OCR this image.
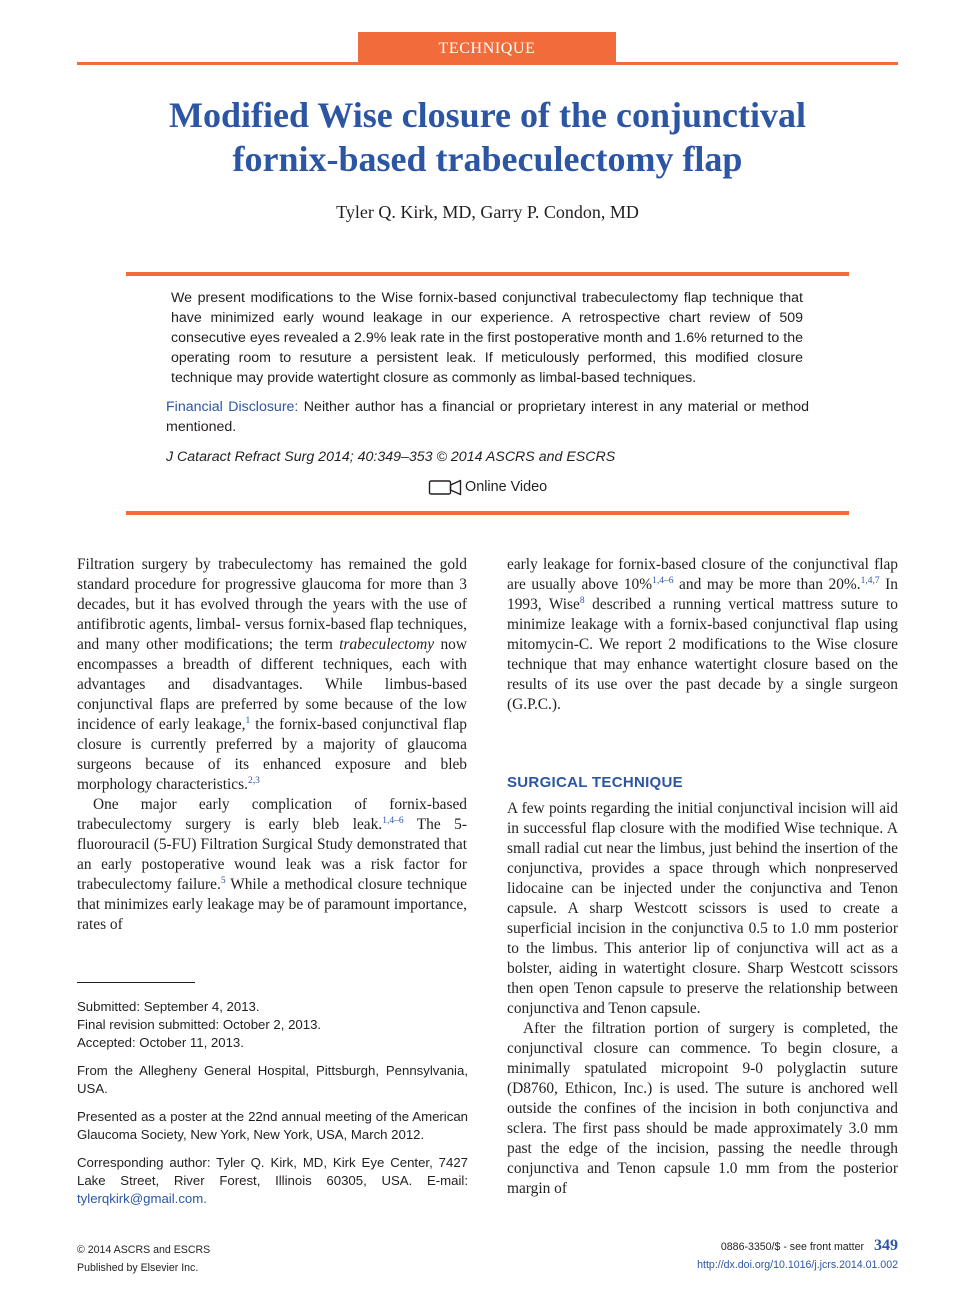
TECHNIQUE
Modified Wise closure of the conjunctival
fornix-based trabeculectomy flap
Tyler Q. Kirk, MD, Garry P. Condon, MD
We present modifications to the Wise fornix-based conjunctival trabeculectomy flap technique that have minimized early wound leakage in our experience. A retrospective chart review of 509 consecutive eyes revealed a 2.9% leak rate in the first postoperative month and 1.6% returned to the operating room to resuture a persistent leak. If meticulously performed, this modified closure technique may provide watertight closure as commonly as limbal-based techniques.
Financial Disclosure: Neither author has a financial or proprietary interest in any material or method mentioned.
J Cataract Refract Surg 2014; 40:349–353 © 2014 ASCRS and ESCRS
Online Video

Filtration surgery by trabeculectomy has remained the gold standard procedure for progressive glaucoma for more than 3 decades, but it has evolved through the years with the use of antifibrotic agents, limbal- versus fornix-based flap techniques, and many other modifications; the term trabeculectomy now encompasses a breadth of different techniques, each with advantages and disadvantages. While limbus-based conjunctival flaps are preferred by some because of the low incidence of early leakage,$^1$ the fornix-based conjunctival flap closure is currently preferred by a majority of glaucoma surgeons because of its enhanced exposure and bleb morphology characteristics.$^{2,3}$

One major early complication of fornix-based trabeculectomy surgery is early bleb leak.$^{1,4-6}$ The 5-fluorouracil (5-FU) Filtration Surgical Study demonstrated that an early postoperative wound leak was a risk factor for trabeculectomy failure.$^5$ While a methodical closure technique that minimizes early leakage may be of paramount importance, rates of

Submitted: September 4, 2013.

Final revision submitted: October 2, 2013.

Accepted: October 11, 2013.

From the Allegheny General Hospital, Pittsburgh, Pennsylvania, USA.

Presented as a poster at the 22nd annual meeting of the American Glaucoma Society, New York, New York, USA, March 2012.

Corresponding author: Tyler Q. Kirk, MD, Kirk Eye Center, 7427 Lake Street, River Forest, Illinois 60305, USA. E-mail: tylerqkirk@gmail.com.

early leakage for fornix-based closure of the conjunctival flap are usually above 10%$^{1,4-6}$ and may be more than 20%.$^{1,4,7}$ In 1993, Wise$^8$ described a running vertical mattress suture to minimize leakage with a fornix-based conjunctival flap using mitomycin-C. We report 2 modifications to the Wise closure technique that may enhance watertight closure based on the results of its use over the past decade by a single surgeon (G.P.C.).

SURGICAL TECHNIQUE

A few points regarding the initial conjunctival incision will aid in successful flap closure with the modified Wise technique. A small radial cut near the limbus, just behind the insertion of the conjunctiva, provides a space through which nonpreserved lidocaine can be injected under the conjunctiva and Tenon capsule. A sharp Westcott scissors is used to create a superficial incision in the conjunctiva 0.5 to 1.0 mm posterior to the limbus. This anterior lip of conjunctiva will act as a bolster, aiding in watertight closure. Sharp Westcott scissors then open Tenon capsule to preserve the relationship between conjunctiva and Tenon capsule.

After the filtration portion of surgery is completed, the conjunctival closure can commence. To begin closure, a minimally spatulated micropoint 9-0 polyglactin suture (D8760, Ethicon, Inc.) is used. The suture is anchored well outside the confines of the incision in both conjunctiva and sclera. The first pass should be made approximately 3.0 mm past the edge of the incision, passing the needle through conjunctiva and Tenon capsule 1.0 mm from the posterior margin of

© 2014 ASCRS and ESCRS
Published by Elsevier Inc.
0886-3350/$ - see front matter 349
http://dx.doi.org/10.1016/j.jcrs.2014.01.002
